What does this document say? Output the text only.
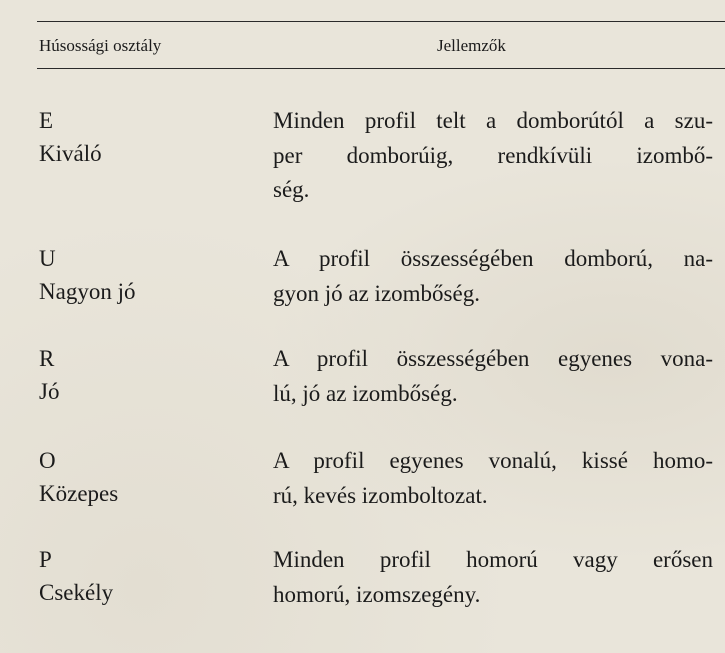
Húsossági osztály	Jellemzők
E
Kiváló
Minden profil telt a domborútól a szu-
per domborúig, rendkívüli izombő-
ség.
U
Nagyon jó
A profil összességében domború, na-
gyon jó az izombőség.
R
Jó
A profil összességében egyenes vona-
lú, jó az izombőség.
O
Közepes
A profil egyenes vonalú, kissé homo-
rú, kevés izomboltozat.
P
Csekély
Minden profil homorú vagy erősen
homorú, izomszegény.
